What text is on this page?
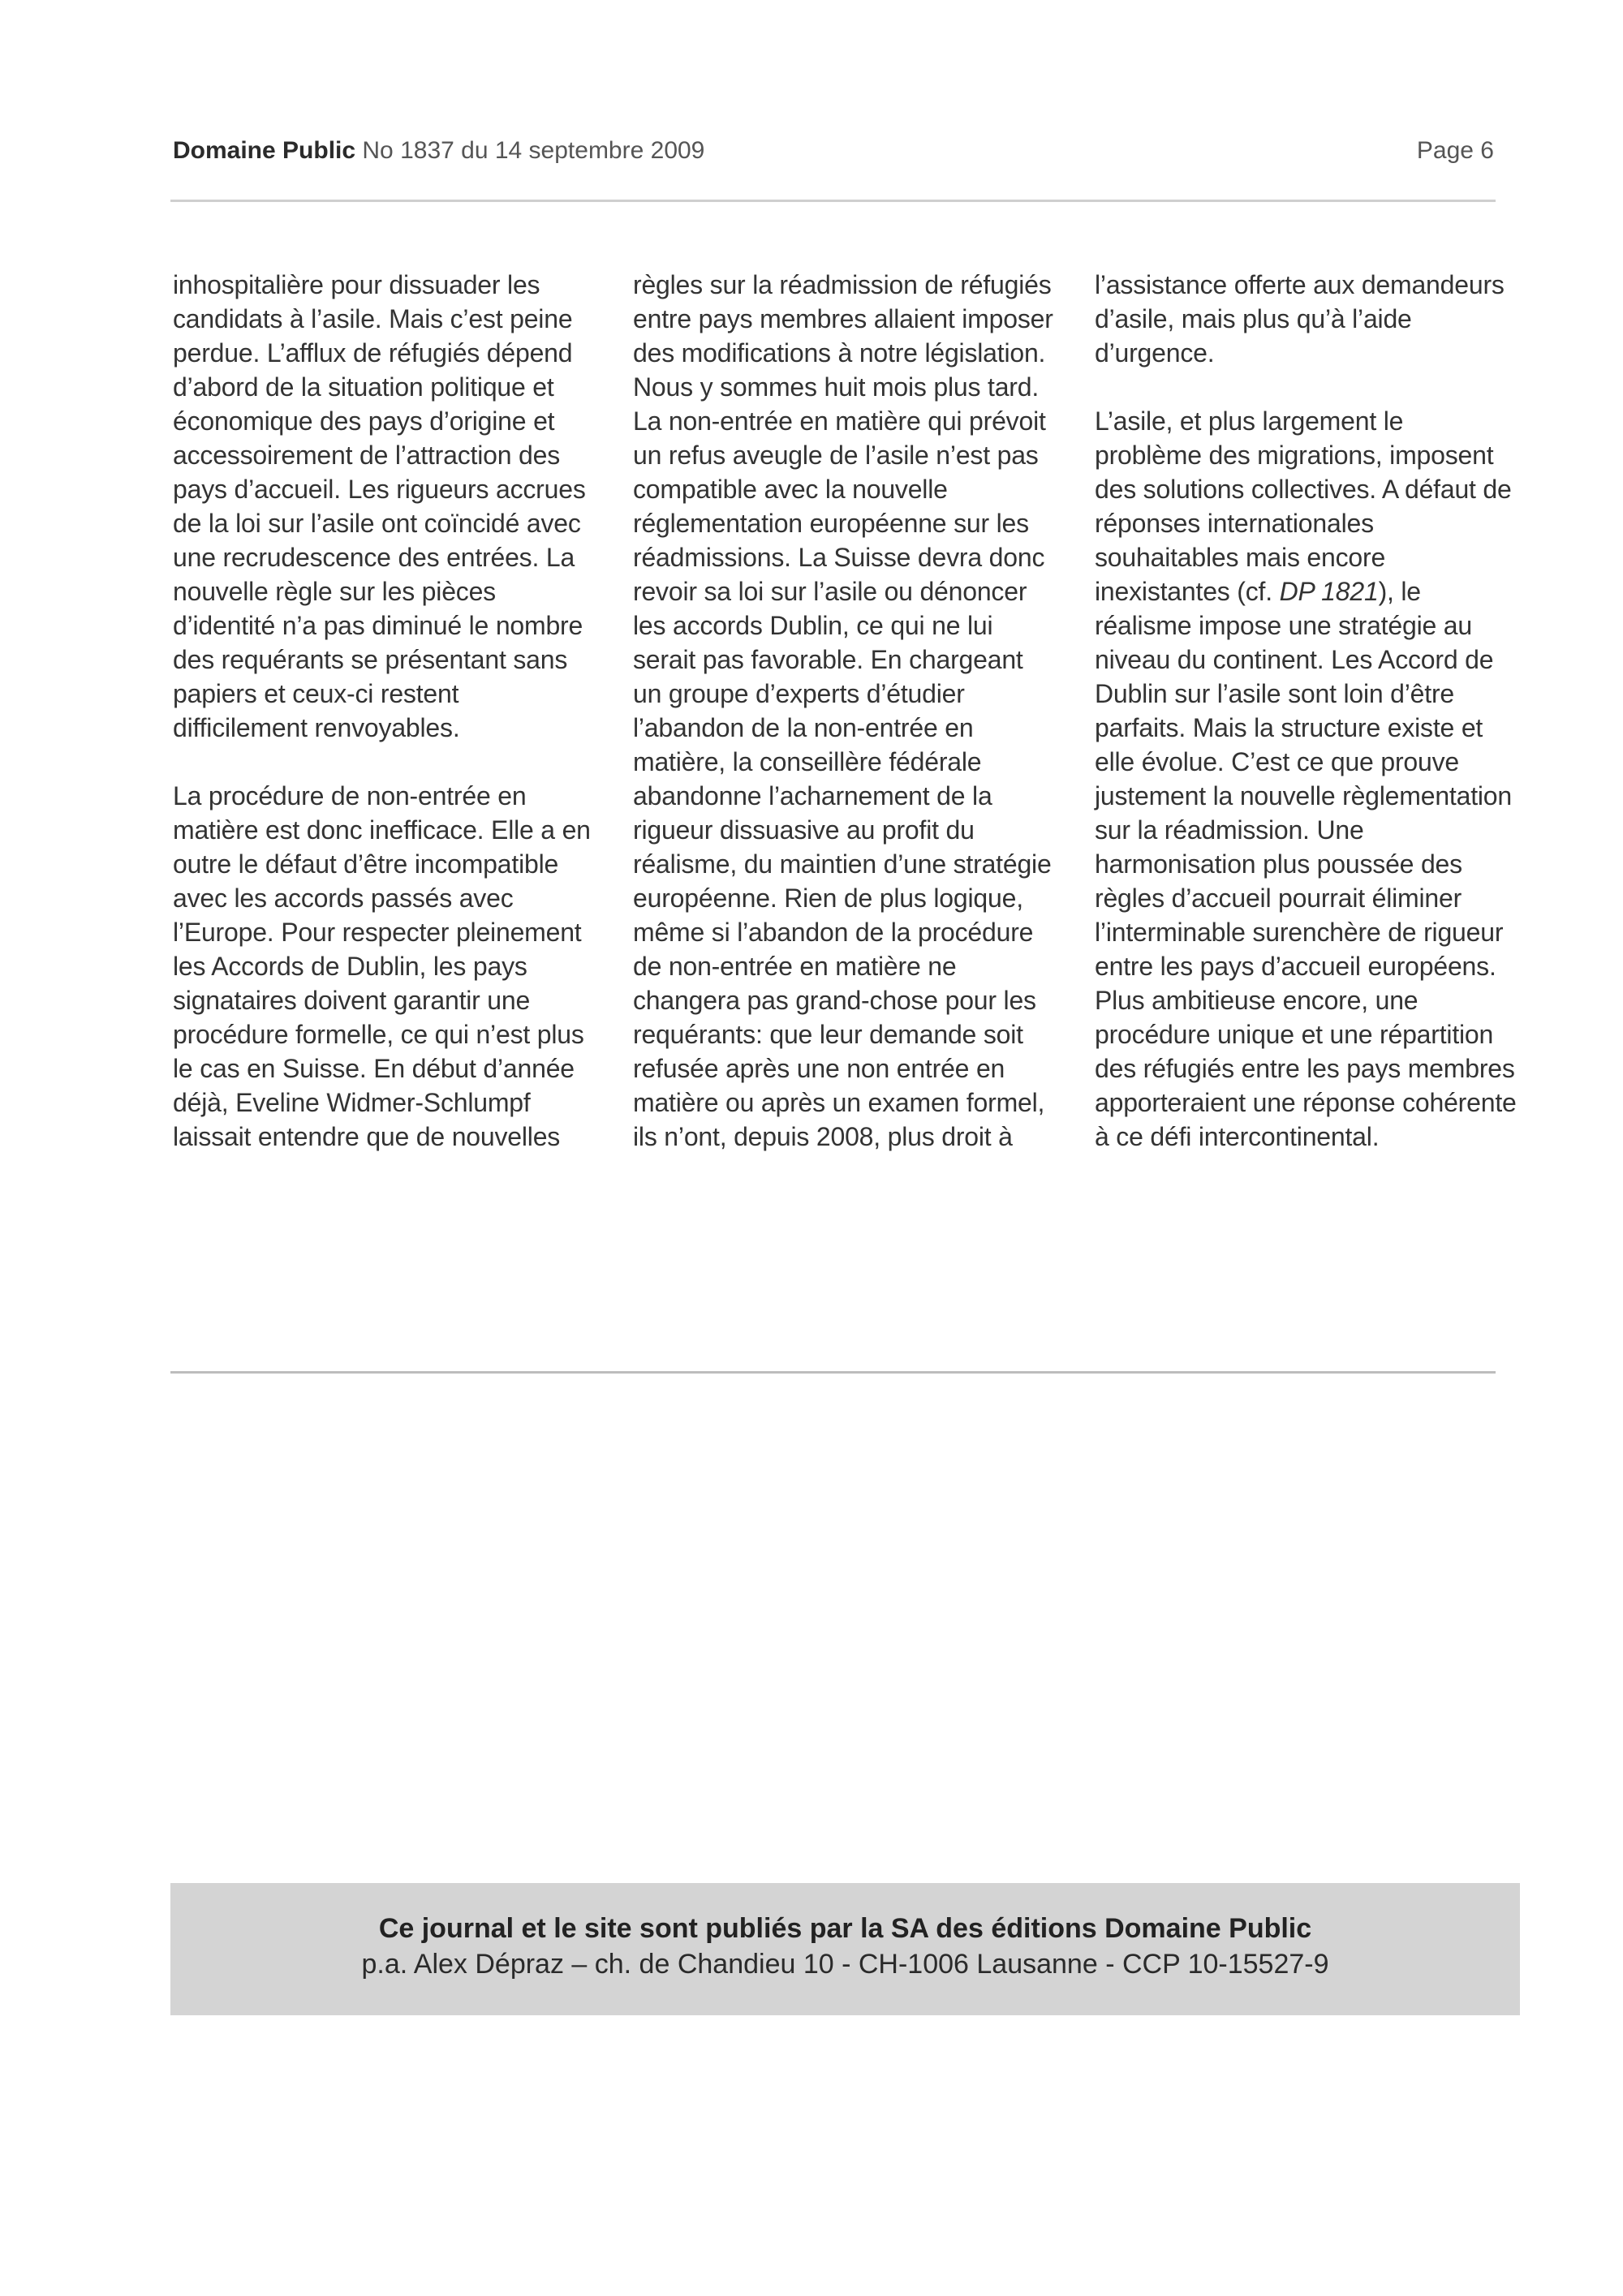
Domaine Public No 1837 du 14 septembre 2009	Page 6

inhospitalière pour dissuader les candidats à l’asile. Mais c’est peine perdue. L’afflux de réfugiés dépend d’abord de la situation politique et économique des pays d’origine et accessoirement de l’attraction des pays d’accueil. Les rigueurs accrues de la loi sur l’asile ont coïncidé avec une recrudescence des entrées. La nouvelle règle sur les pièces d’identité n’a pas diminué le nombre des requérants se présentant sans papiers et ceux-ci restent difficilement renvoyables.

La procédure de non-entrée en matière est donc inefficace. Elle a en outre le défaut d’être incompatible avec les accords passés avec l’Europe. Pour respecter pleinement les Accords de Dublin, les pays signataires doivent garantir une procédure formelle, ce qui n’est plus le cas en Suisse. En début d’année déjà, Eveline Widmer-Schlumpf laissait entendre que de nouvelles

règles sur la réadmission de réfugiés entre pays membres allaient imposer des modifications à notre législation. Nous y sommes huit mois plus tard. La non-entrée en matière qui prévoit un refus aveugle de l’asile n’est pas compatible avec la nouvelle réglementation européenne sur les réadmissions. La Suisse devra donc revoir sa loi sur l’asile ou dénoncer les accords Dublin, ce qui ne lui serait pas favorable. En chargeant un groupe d’experts d’étudier l’abandon de la non-entrée en matière, la conseillère fédérale abandonne l’acharnement de la rigueur dissuasive au profit du réalisme, du maintien d’une stratégie européenne. Rien de plus logique, même si l’abandon de la procédure de non-entrée en matière ne changera pas grand-chose pour les requérants: que leur demande soit refusée après une non entrée en matière ou après un examen formel, ils n’ont, depuis 2008, plus droit à

l’assistance offerte aux demandeurs d’asile, mais plus qu’à l’aide d’urgence.

L’asile, et plus largement le problème des migrations, imposent des solutions collectives. A défaut de réponses internationales souhaitables mais encore inexistantes (cf. DP 1821), le réalisme impose une stratégie au niveau du continent. Les Accord de Dublin sur l’asile sont loin d’être parfaits. Mais la structure existe et elle évolue. C’est ce que prouve justement la nouvelle règlementation sur la réadmission. Une harmonisation plus poussée des règles d’accueil pourrait éliminer l’interminable surenchère de rigueur entre les pays d’accueil européens. Plus ambitieuse encore, une procédure unique et une répartition des réfugiés entre les pays membres apporteraient une réponse cohérente à ce défi intercontinental.

Ce journal et le site sont publiés par la SA des éditions Domaine Public
p.a. Alex Dépraz – ch. de Chandieu 10 - CH-1006 Lausanne - CCP 10-15527-9
